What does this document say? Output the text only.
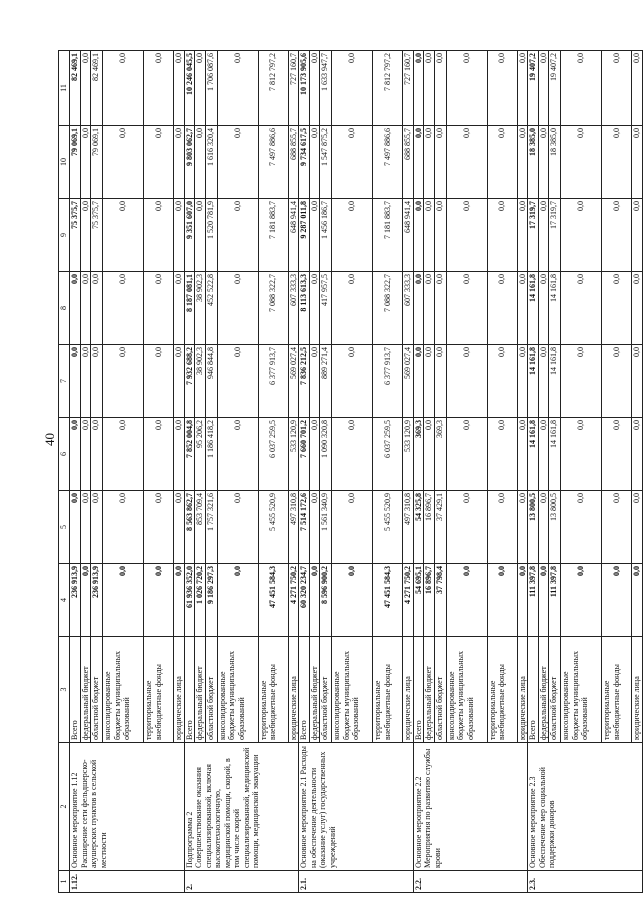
40
1	2	3	4	5	6	7	8	9	10	11
1.12.	Основное мероприятие 1.12 Расширение сети фельдшерско-акушерских пунктов в сельской местности	Всего	236 913,9	0,0	0,0	0,0	0,0	75 375,7	79 069,1	82 469,1
		федеральный бюджет	0,0	0,0	0,0	0,0	0,0	0,0	0,0	0,0
		областной бюджет	236 913,9	0,0	0,0	0,0	0,0	75 375,7	79 069,1	82 469,1
		консолидированные бюджеты муниципальных образований	0,0	0,0	0,0	0,0	0,0	0,0	0,0	0,0
		территориальные внебюджетные фонды	0,0	0,0	0,0	0,0	0,0	0,0	0,0	0,0
		юридические лица	0,0	0,0	0,0	0,0	0,0	0,0	0,0	0,0
2.	Подпрограмма 2 Совершенствование оказания специализированной, включая высокотехнологичную, медицинской помощи, скорой, в том числе скорой специализированной, медицинской помощи, медицинской эвакуации	Всего	61 936 352,0	8 563 862,7	7 852 004,8	7 932 688,2	8 187 081,1	9 351 607,0	9 803 062,7	10 246 045,5
		федеральный бюджет	1 026 720,2	853 709,4	95 206,2	38 902,3	38 902,3	0,0	0,0	0,0
		областной бюджет	9 186 297,3	1 757 321,6	1 186 418,2	946 844,8	452 522,8	1 520 781,9	1 616 320,4	1 706 087,6
		консолидированные бюджеты муниципальных образований	0,0	0,0	0,0	0,0	0,0	0,0	0,0	0,0
		территориальные внебюджетные фонды	47 451 584,3	5 455 520,9	6 037 259,5	6 377 913,7	7 088 322,7	7 181 883,7	7 497 886,6	7 812 797,2
		юридические лица	4 271 750,2	497 310,8	533 120,9	569 027,4	607 333,3	648 941,4	688 855,7	727 160,7
2.1.	Основное мероприятие 2.1 Расходы на обеспечение деятельности (оказание услуг) государственных учреждений	Всего	60 320 234,7	7 514 172,6	7 660 701,2	7 836 212,5	8 113 613,3	9 287 011,8	9 734 617,5	10 173 905,6
		федеральный бюджет	0,0	0,0	0,0	0,0	0,0	0,0	0,0	0,0
		областной бюджет	8 596 900,2	1 561 340,9	1 090 320,8	889 271,4	417 957,5	1 456 186,7	1 547 875,2	1 633 947,7
		консолидированные бюджеты муниципальных образований	0,0	0,0	0,0	0,0	0,0	0,0	0,0	0,0
		территориальные внебюджетные фонды	47 451 584,3	5 455 520,9	6 037 259,5	6 377 913,7	7 088 322,7	7 181 883,7	7 497 886,6	7 812 797,2
		юридические лица	4 271 750,2	497 310,8	533 120,9	569 027,4	607 333,3	648 941,4	688 855,7	727 160,7
2.2.	Основное мероприятие 2.2 Мероприятия по развитию службы крови	Всего	54 695,1	54 325,8	369,3	0,0	0,0	0,0	0,0	0,0
		федеральный бюджет	16 896,7	16 896,7	0,0	0,0	0,0	0,0	0,0	0,0
		областной бюджет	37 798,4	37 429,1	369,3	0,0	0,0	0,0	0,0	0,0
		консолидированные бюджеты муниципальных образований	0,0	0,0	0,0	0,0	0,0	0,0	0,0	0,0
		территориальные внебюджетные фонды	0,0	0,0	0,0	0,0	0,0	0,0	0,0	0,0
		юридические лица	0,0	0,0	0,0	0,0	0,0	0,0	0,0	0,0
2.3.	Основное мероприятие 2.3 Обеспечение мер социальной поддержки доноров	Всего	111 397,8	13 800,5	14 161,8	14 161,8	14 161,8	17 319,7	18 385,0	19 407,2
		федеральный бюджет	0,0	0,0	0,0	0,0	0,0	0,0	0,0	0,0
		областной бюджет	111 397,8	13 800,5	14 161,8	14 161,8	14 161,8	17 319,7	18 385,0	19 407,2
		консолидированные бюджеты муниципальных образований	0,0	0,0	0,0	0,0	0,0	0,0	0,0	0,0
		территориальные внебюджетные фонды	0,0	0,0	0,0	0,0	0,0	0,0	0,0	0,0
		юридические лица	0,0	0,0	0,0	0,0	0,0	0,0	0,0	0,0
